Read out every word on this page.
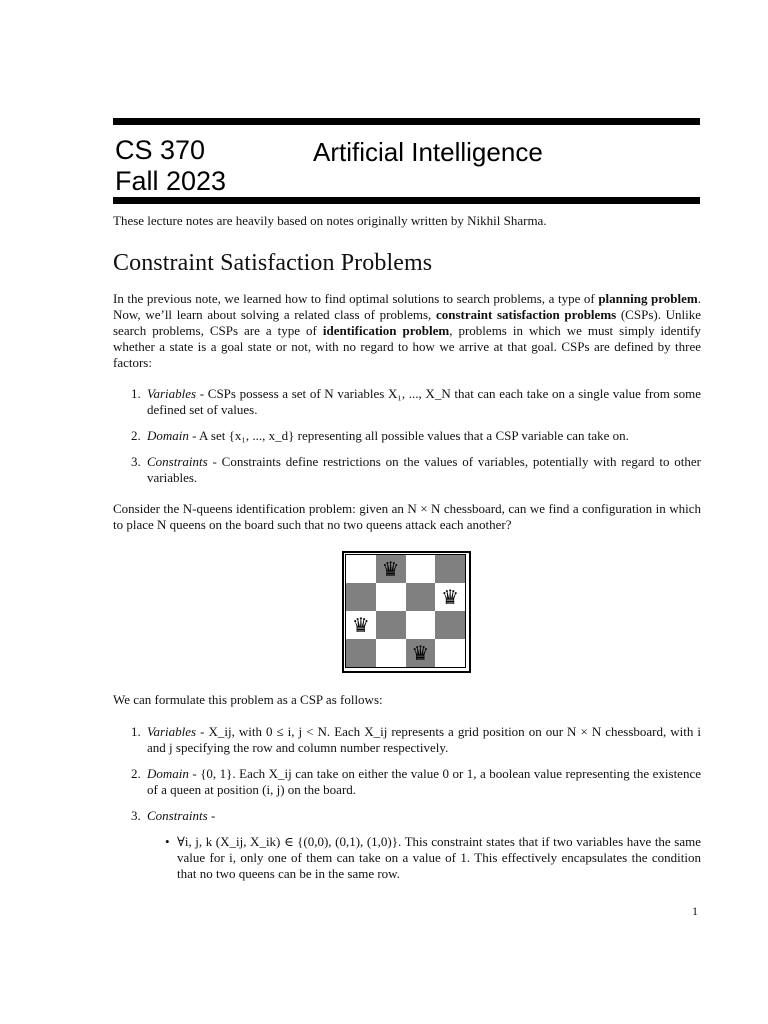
CS 370
Fall 2023
Artificial Intelligence
These lecture notes are heavily based on notes originally written by Nikhil Sharma.
Constraint Satisfaction Problems

In the previous note, we learned how to find optimal solutions to search problems, a type of planning problem. Now, we’ll learn about solving a related class of problems, constraint satisfaction problems (CSPs). Unlike search problems, CSPs are a type of identification problem, problems in which we must simply identify whether a state is a goal state or not, with no regard to how we arrive at that goal. CSPs are defined by three factors:

1. Variables - CSPs possess a set of N variables X₁, ..., X_N that can each take on a single value from some defined set of values.
2. Domain - A set {x₁, ..., x_d} representing all possible values that a CSP variable can take on.
3. Constraints - Constraints define restrictions on the values of variables, potentially with regard to other variables.

Consider the N-queens identification problem: given an N × N chessboard, can we find a configuration in which to place N queens on the board such that no two queens attack each another?

♛
♛
♛
♛

We can formulate this problem as a CSP as follows:

1. Variables - X_ij, with 0 ≤ i, j < N. Each X_ij represents a grid position on our N × N chessboard, with i and j specifying the row and column number respectively.
2. Domain - {0, 1}. Each X_ij can take on either the value 0 or 1, a boolean value representing the existence of a queen at position (i, j) on the board.
3. Constraints -
• ∀i, j, k (X_ij, X_ik) ∈ {(0,0), (0,1), (1,0)}. This constraint states that if two variables have the same value for i, only one of them can take on a value of 1. This effectively encapsulates the condition that no two queens can be in the same row.
1
